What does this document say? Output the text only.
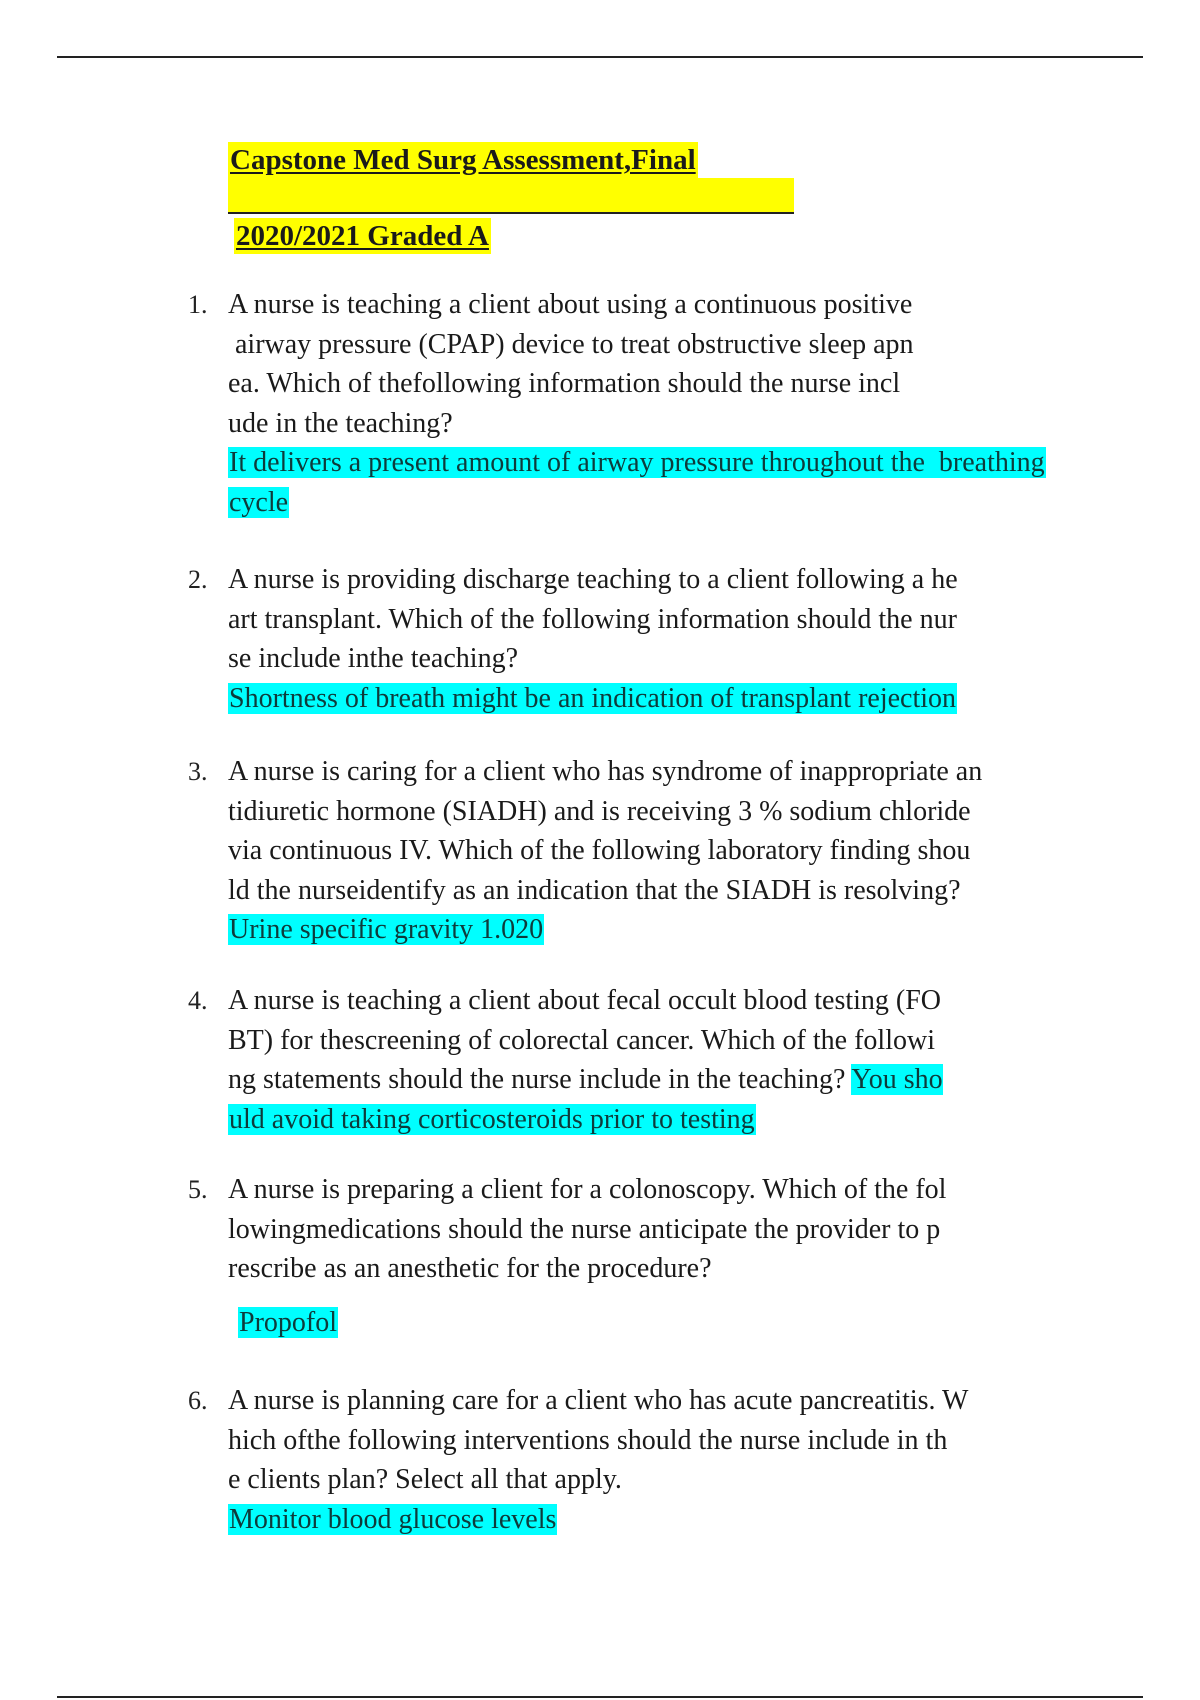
Capstone Med Surg Assessment,Final
2020/2021 Graded A
1. A nurse is teaching a client about using a continuous positive
airway pressure (CPAP) device to treat obstructive sleep apn
ea. Which of thefollowing information should the nurse incl
ude in the teaching?
It delivers a present amount of airway pressure throughout the  breathing
cycle
2. A nurse is providing discharge teaching to a client following a he
art transplant. Which of the following information should the nur
se include inthe teaching?
Shortness of breath might be an indication of transplant rejection
3. A nurse is caring for a client who has syndrome of inappropriate an
tidiuretic hormone (SIADH) and is receiving 3 % sodium chloride
via continuous IV. Which of the following laboratory finding shou
ld the nurseidentify as an indication that the SIADH is resolving?
Urine specific gravity 1.020
4. A nurse is teaching a client about fecal occult blood testing (FO
BT) for thescreening of colorectal cancer. Which of the followi
ng statements should the nurse include in the teaching? You sho
uld avoid taking corticosteroids prior to testing
5. A nurse is preparing a client for a colonoscopy. Which of the fol
lowingmedications should the nurse anticipate the provider to p
rescribe as an anesthetic for the procedure?
Propofol
6. A nurse is planning care for a client who has acute pancreatitis. W
hich ofthe following interventions should the nurse include in th
e clients plan? Select all that apply.
Monitor blood glucose levels
